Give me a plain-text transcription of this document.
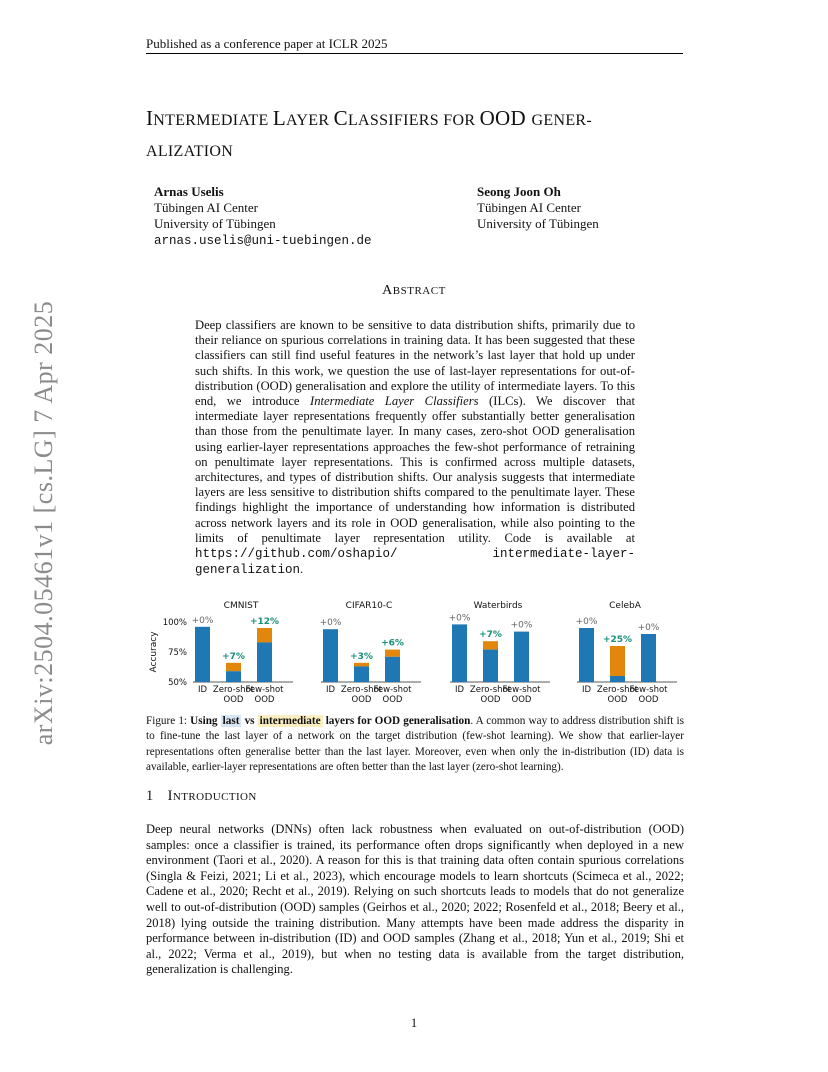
Published as a conference paper at ICLR 2025
INTERMEDIATE LAYER CLASSIFIERS FOR OOD GENER-
ALIZATION
Arnas Uselis
Tübingen AI Center
University of Tübingen
arnas.uselis@uni-tuebingen.de
Seong Joon Oh
Tübingen AI Center
University of Tübingen
arXiv:2504.05461v1 [cs.LG] 7 Apr 2025
ABSTRACT
Deep classifiers are known to be sensitive to data distribution shifts, primarily due to their reliance on spurious correlations in training data. It has been suggested that these classifiers can still find useful features in the network’s last layer that hold up under such shifts. In this work, we question the use of last-layer representations for out-of-distribution (OOD) generalisation and explore the utility of intermediate layers. To this end, we introduce Intermediate Layer Classifiers (ILCs). We discover that intermediate layer representations frequently offer substantially better generalisation than those from the penultimate layer. In many cases, zero-shot OOD generalisation using earlier-layer representations approaches the few-shot performance of retraining on penultimate layer representations. This is confirmed across multiple datasets, architectures, and types of distribution shifts. Our analysis suggests that intermediate layers are less sensitive to distribution shifts compared to the penultimate layer. These findings highlight the importance of understanding how information is distributed across network layers and its role in OOD generalisation, while also pointing to the limits of penultimate layer representation utility. Code is available at https://github.com/oshapio/	intermediate-layer-generalization.
Accuracy
50%
75%
100%
CMNIST
+0%
ID
+7%
Zero-shot
OOD
+12%
Few-shot
OOD
CIFAR10-C
+0%
ID
+3%
Zero-shot
OOD
+6%
Few-shot
OOD
Waterbirds
+0%
ID
+7%
Zero-shot
OOD
+0%
Few-shot
OOD
CelebA
+0%
ID
+25%
Zero-shot
OOD
+0%
Few-shot
OOD
Figure 1: Using last vs intermediate layers for OOD generalisation. A common way to address distribution shift is to fine-tune the last layer of a network on the target distribution (few-shot learning). We show that earlier-layer representations often generalise better than the last layer. Moreover, even when only the in-distribution (ID) data is available, earlier-layer representations are often better than the last layer (zero-shot learning).
1 INTRODUCTION
Deep neural networks (DNNs) often lack robustness when evaluated on out-of-distribution (OOD) samples: once a classifier is trained, its performance often drops significantly when deployed in a new environment (Taori et al., 2020). A reason for this is that training data often contain spurious correlations (Singla & Feizi, 2021; Li et al., 2023), which encourage models to learn shortcuts (Scimeca et al., 2022; Cadene et al., 2020; Recht et al., 2019). Relying on such shortcuts leads to models that do not generalize well to out-of-distribution (OOD) samples (Geirhos et al., 2020; 2022; Rosenfeld et al., 2018; Beery et al., 2018) lying outside the training distribution. Many attempts have been made address the disparity in performance between in-distribution (ID) and OOD samples (Zhang et al., 2018; Yun et al., 2019; Shi et al., 2022; Verma et al., 2019), but when no testing data is available from the target distribution, generalization is challenging.
1
